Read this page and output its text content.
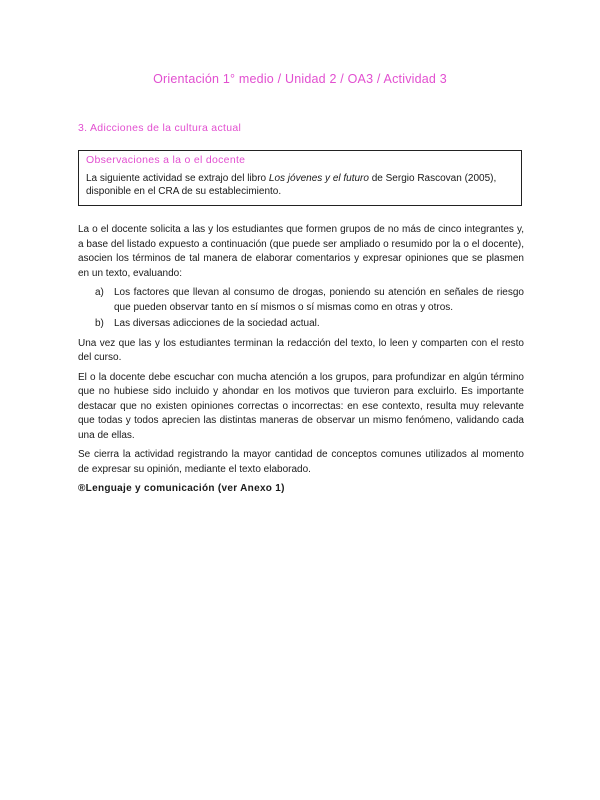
Orientación 1° medio / Unidad 2 / OA3 / Actividad 3
3. Adicciones de la cultura actual
Observaciones a la o el docente
La siguiente actividad se extrajo del libro Los jóvenes y el futuro de Sergio Rascovan (2005), disponible en el CRA de su establecimiento.

La o el docente solicita a las y los estudiantes que formen grupos de no más de cinco integrantes y, a base del listado expuesto a continuación (que puede ser ampliado o resumido por la o el docente), asocien los términos de tal manera de elaborar comentarios y expresar opiniones que se plasmen en un texto, evaluando:

a) Los factores que llevan al consumo de drogas, poniendo su atención en señales de riesgo que pueden observar tanto en sí mismos o sí mismas como en otras y otros.
b) Las diversas adicciones de la sociedad actual.

Una vez que las y los estudiantes terminan la redacción del texto, lo leen y comparten con el resto del curso.

El o la docente debe escuchar con mucha atención a los grupos, para profundizar en algún término que no hubiese sido incluido y ahondar en los motivos que tuvieron para excluirlo. Es importante destacar que no existen opiniones correctas o incorrectas: en ese contexto, resulta muy relevante que todas y todos aprecien las distintas maneras de observar un mismo fenómeno, validando cada una de ellas.

Se cierra la actividad registrando la mayor cantidad de conceptos comunes utilizados al momento de expresar su opinión, mediante el texto elaborado.

®Lenguaje y comunicación (ver Anexo 1)
